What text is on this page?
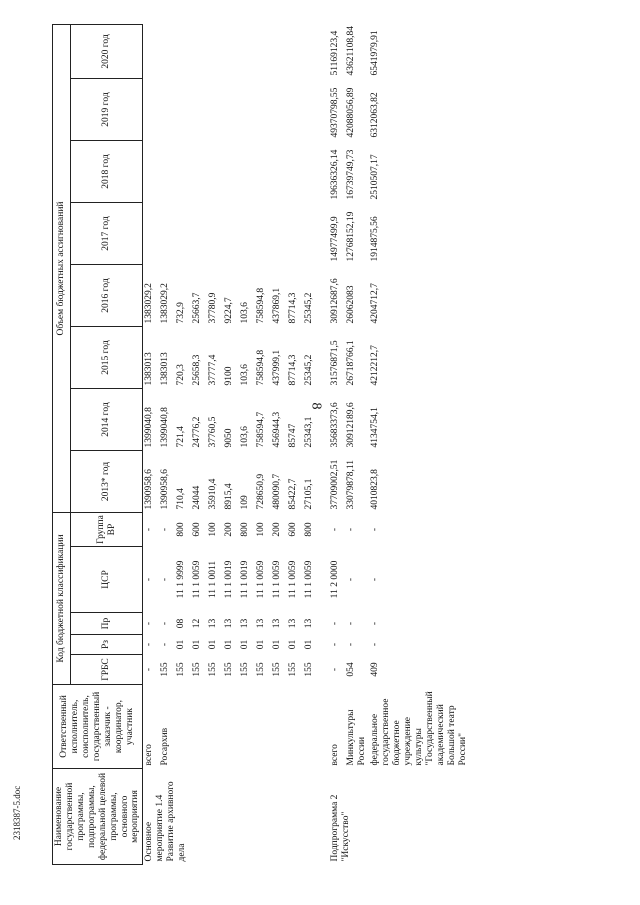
8
2318387-5.doc	Наименование государственной программы, подпрограммы, федеральной целевой программы, основного мероприятия	Ответственный исполнитель, соисполнитель, государственный заказчик - координатор, участник	Код бюджетной классификации					Объем бюджетных ассигнований							
		ГРБС	Рз	Пр	ЦСР	Группа ВР	2013* год	2014 год	2015 год	2016 год	2017 год	2018 год	2019 год	2020 год
Основное мероприятие 1.4 Развитие архивного дела	всего	-	-	-	-	-	1390958,6	1399040,8	1383013	1383029,2				
	Росархив	155	-	-	-	-	1390958,6	1399040,8	1383013	1383029,2				
		155	01	08	11 1 9999	800	710,4	721,4	720,3	732,9				
		155	01	12	11 1 0059	600	24044	24776,2	25658,3	25663,7				
		155	01	13	11 1 0011	100	35910,4	37760,5	37777,4	37780,9				
		155	01	13	11 1 0019	200	8915,4	9050	9100	9224,7				
		155	01	13	11 1 0019	800	109	103,6	103,6	103,6				
		155	01	13	11 1 0059	100	728650,9	758594,7	758594,8	758594,8				
		155	01	13	11 1 0059	200	480090,7	456944,3	437999,1	437869,1				
		155	01	13	11 1 0059	600	85422,7	85747	87714,3	87714,3				
		155	01	13	11 1 0059	800	27105,1	25343,1	25345,2	25345,2				

Подпрограмма 2 "Искусство"	всего	-	-	-	11 2 0000	-	37709002,51	35683373,6	31576871,5	30912687,6	14977499,9	19636326,14	49370798,55	51169123,4
	Минкультуры России	054	-	-	-	-	33079878,11	30912189,6	26718766,1	26062083	12768152,19	16739749,73	42088056,89	43621108,84
	федеральное государственное бюджетное учреждение культуры "Государственный академический Большой театр России"	409	-	-	-	-	4010823,8	4134754,1	4212212,7	4204712,7	1914875,56	2510507,17	6312063,82	6541979,91
